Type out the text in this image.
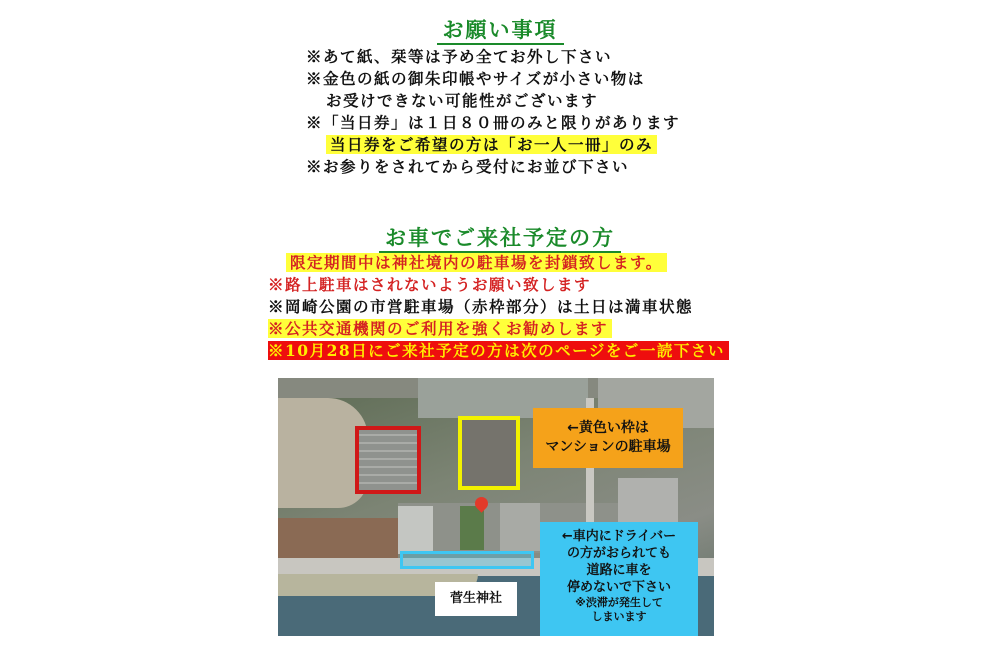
お願い事項
※あて紙、栞等は予め全てお外し下さい
※金色の紙の御朱印帳やサイズが小さい物は
お受けできない可能性がございます
※「当日券」は１日８０冊のみと限りがあります
当日券をご希望の方は「お一人一冊」のみ
※お参りをされてから受付にお並び下さい
お車でご来社予定の方
限定期間中は神社境内の駐車場を封鎖致します。
※路上駐車はされないようお願い致します
※岡崎公園の市営駐車場（赤枠部分）は土日は満車状態
※公共交通機関のご利用を強くお勧めします
※10月28日にご来社予定の方は次のページをご一読下さい
←黄色い枠は
マンションの駐車場
菅生神社
←車内にドライバー
の方がおられても
道路に車を
停めないで下さい
※渋滞が発生して
しまいます
